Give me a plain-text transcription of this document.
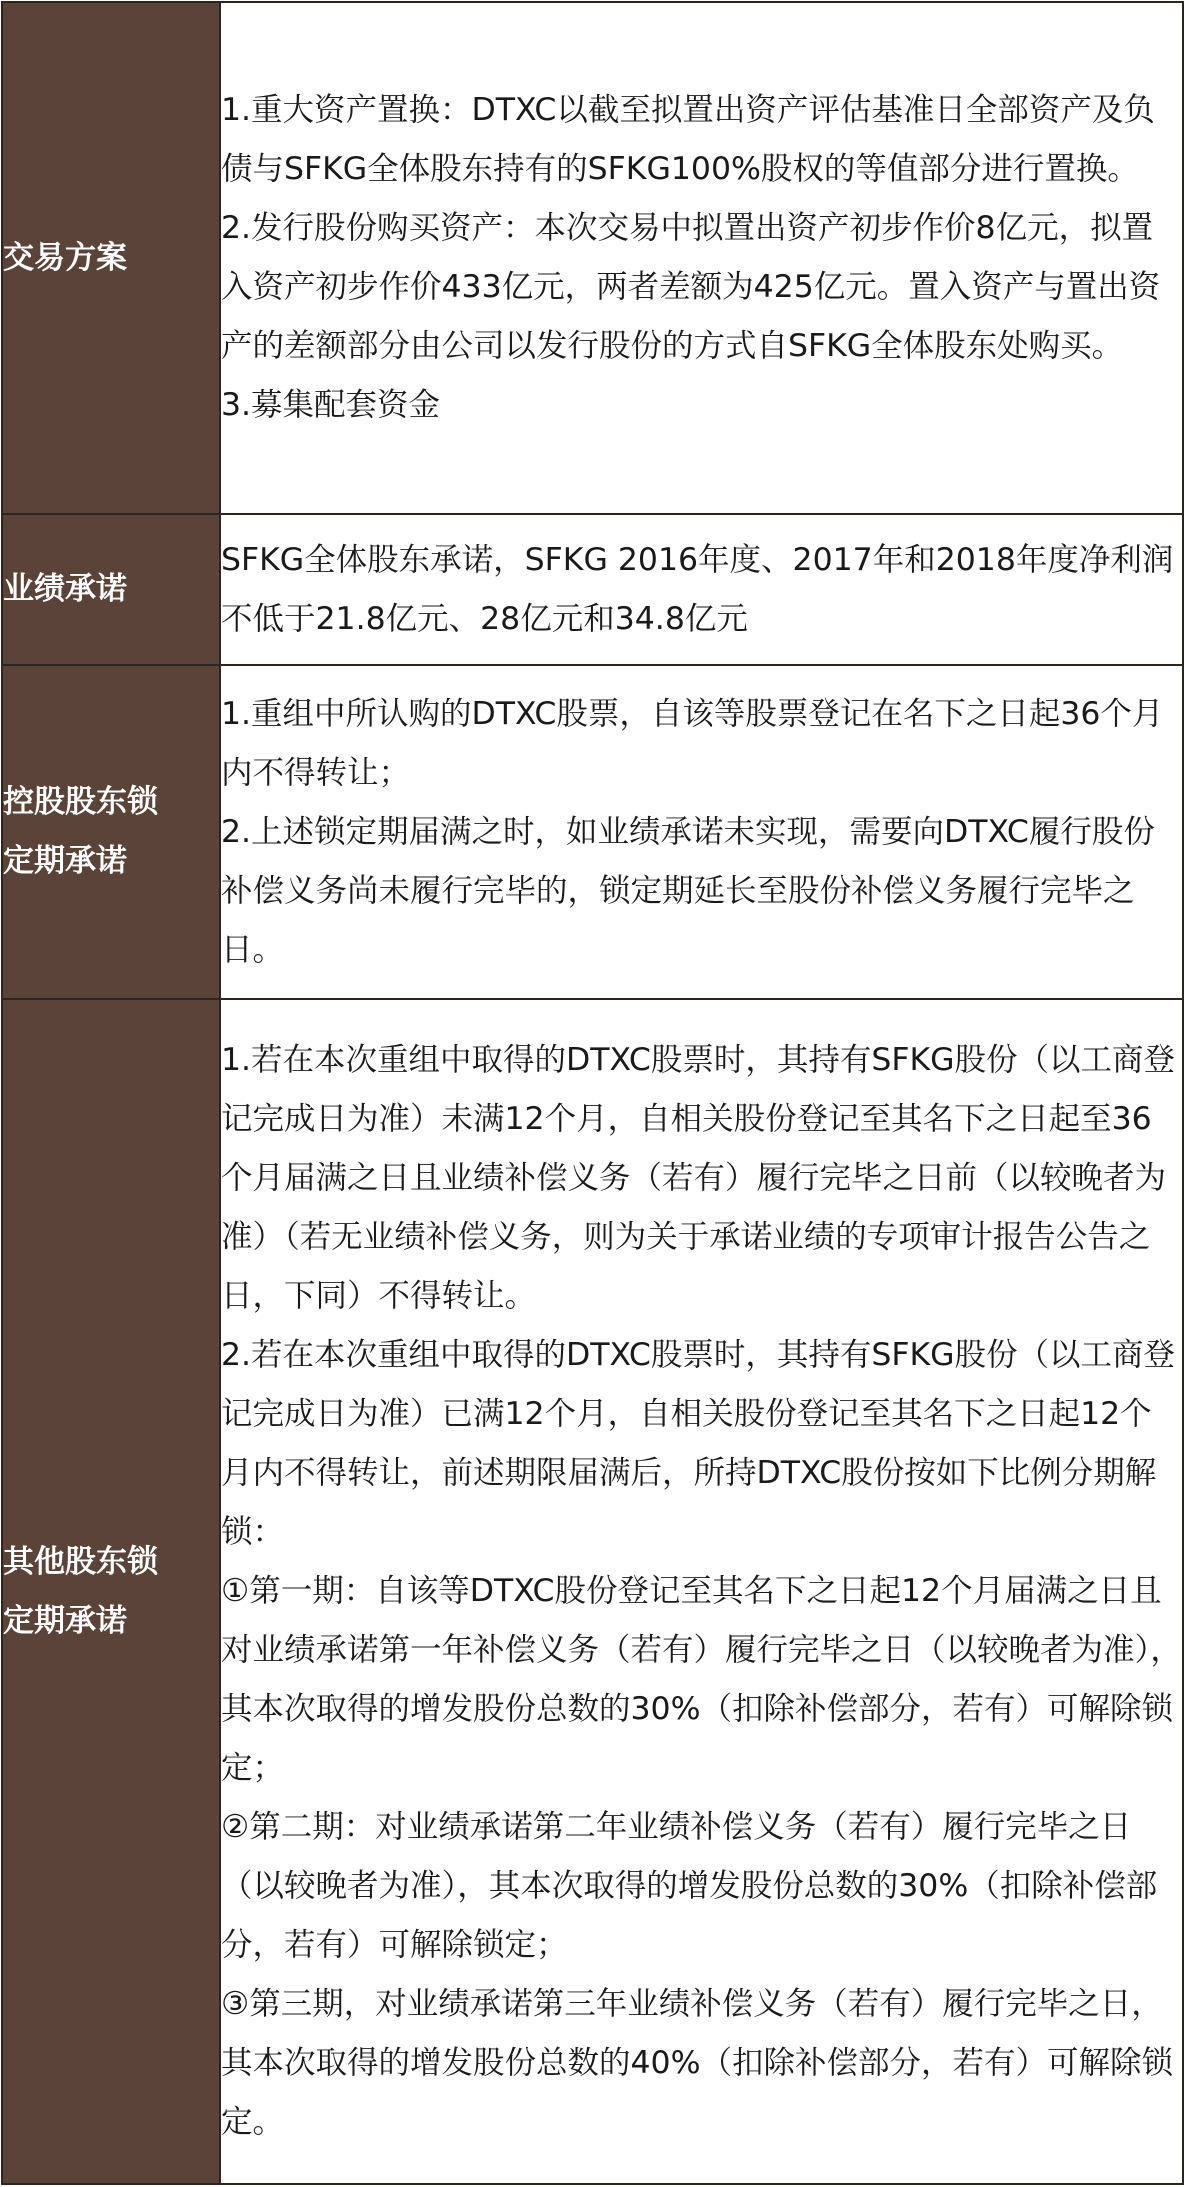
交易方案	1.重大资产置换：DTXC以截至拟置出资产评估基准日全部资产及负债与SFKG全体股东持有的SFKG100%股权的等值部分进行置换。
2.发行股份购买资产：本次交易中拟置出资产初步作价8亿元，拟置入资产初步作价433亿元，两者差额为425亿元。置入资产与置出资产的差额部分由公司以发行股份的方式自SFKG全体股东处购买。
3.募集配套资金

业绩承诺	SFKG全体股东承诺，SFKG 2016年度、2017年和2018年度净利润不低于21.8亿元、28亿元和34.8亿元

控股股东锁定期承诺	1.重组中所认购的DTXC股票，自该等股票登记在名下之日起36个月内不得转让；
2.上述锁定期届满之时，如业绩承诺未实现，需要向DTXC履行股份补偿义务尚未履行完毕的，锁定期延长至股份补偿义务履行完毕之日。

其他股东锁定期承诺	1.若在本次重组中取得的DTXC股票时，其持有SFKG股份（以工商登记完成日为准）未满12个月，自相关股份登记至其名下之日起至36个月届满之日且业绩补偿义务（若有）履行完毕之日前（以较晚者为准）（若无业绩补偿义务，则为关于承诺业绩的专项审计报告公告之日，下同）不得转让。
2.若在本次重组中取得的DTXC股票时，其持有SFKG股份（以工商登记完成日为准）已满12个月，自相关股份登记至其名下之日起12个月内不得转让，前述期限届满后，所持DTXC股份按如下比例分期解锁：
①第一期：自该等DTXC股份登记至其名下之日起12个月届满之日且对业绩承诺第一年补偿义务（若有）履行完毕之日（以较晚者为准），其本次取得的增发股份总数的30%（扣除补偿部分，若有）可解除锁定；
②第二期：对业绩承诺第二年业绩补偿义务（若有）履行完毕之日（以较晚者为准），其本次取得的增发股份总数的30%（扣除补偿部分，若有）可解除锁定；
③第三期，对业绩承诺第三年业绩补偿义务（若有）履行完毕之日，其本次取得的增发股份总数的40%（扣除补偿部分，若有）可解除锁定。
